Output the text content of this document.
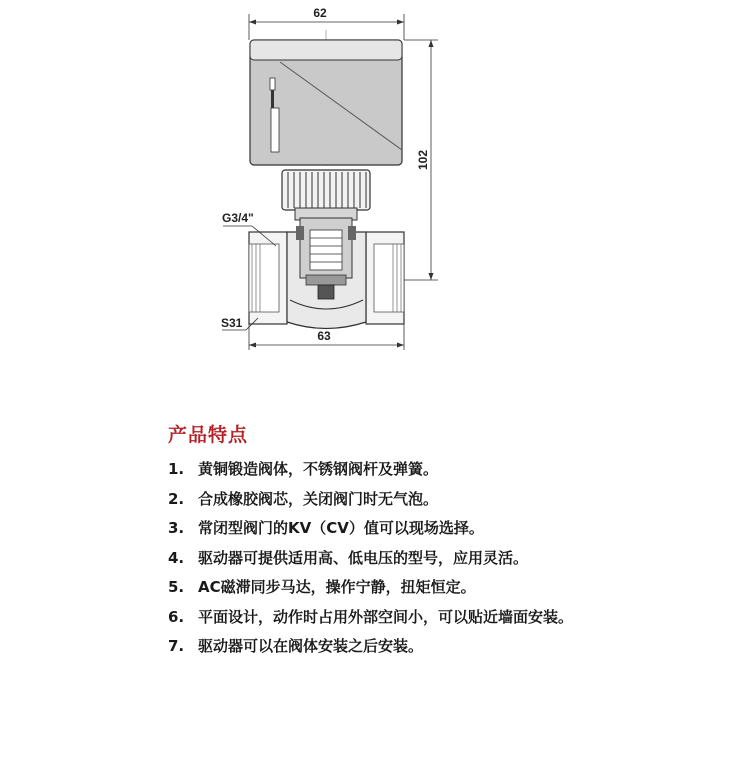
62
102
G3/4"
S31
63
产品特点
1. 黄铜锻造阀体，不锈钢阀杆及弹簧。
2. 合成橡胶阀芯，关闭阀门时无气泡。
3. 常闭型阀门的KV（CV）值可以现场选择。
4. 驱动器可提供适用高、低电压的型号，应用灵活。
5. AC磁滞同步马达，操作宁静，扭矩恒定。
6. 平面设计，动作时占用外部空间小，可以贴近墙面安装。
7. 驱动器可以在阀体安装之后安装。
